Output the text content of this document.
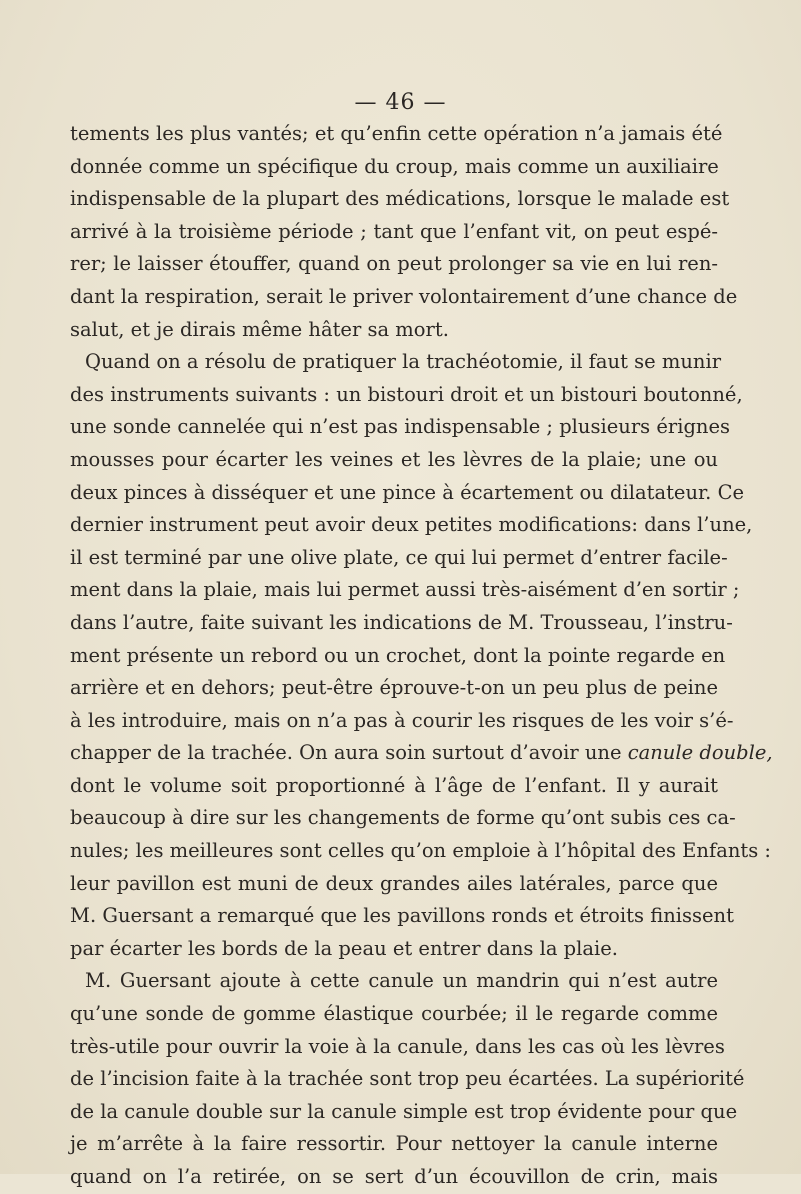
— 46 —
tements les plus vantés; et qu’enfin cette opération n’a jamais été
donnée comme un spécifique du croup, mais comme un auxiliaire
indispensable de la plupart des médications, lorsque le malade est
arrivé à la troisième période ; tant que l’enfant vit, on peut espé-
rer; le laisser étouffer, quand on peut prolonger sa vie en lui ren-
dant la respiration, serait le priver volontairement d’une chance de
salut, et je dirais même hâter sa mort.
Quand on a résolu de pratiquer la trachéotomie, il faut se munir
des instruments suivants : un bistouri droit et un bistouri boutonné,
une sonde cannelée qui n’est pas indispensable ; plusieurs érignes
mousses pour écarter les veines et les lèvres de la plaie; une ou
deux pinces à disséquer et une pince à écartement ou dilatateur. Ce
dernier instrument peut avoir deux petites modifications: dans l’une,
il est terminé par une olive plate, ce qui lui permet d’entrer facile-
ment dans la plaie, mais lui permet aussi très-aisément d’en sortir ;
dans l’autre, faite suivant les indications de M. Trousseau, l’instru-
ment présente un rebord ou un crochet, dont la pointe regarde en
arrière et en dehors; peut-être éprouve-t-on un peu plus de peine
à les introduire, mais on n’a pas à courir les risques de les voir s’é-
chapper de la trachée. On aura soin surtout d’avoir une canule double,
dont le volume soit proportionné à l’âge de l’enfant. Il y aurait
beaucoup à dire sur les changements de forme qu’ont subis ces ca-
nules; les meilleures sont celles qu’on emploie à l’hôpital des Enfants :
leur pavillon est muni de deux grandes ailes latérales, parce que
M. Guersant a remarqué que les pavillons ronds et étroits finissent
par écarter les bords de la peau et entrer dans la plaie.
M. Guersant ajoute à cette canule un mandrin qui n’est autre
qu’une sonde de gomme élastique courbée; il le regarde comme
très-utile pour ouvrir la voie à la canule, dans les cas où les lèvres
de l’incision faite à la trachée sont trop peu écartées. La supériorité
de la canule double sur la canule simple est trop évidente pour que
je m’arrête à la faire ressortir. Pour nettoyer la canule interne
quand on l’a retirée, on se sert d’un écouvillon de crin, mais
